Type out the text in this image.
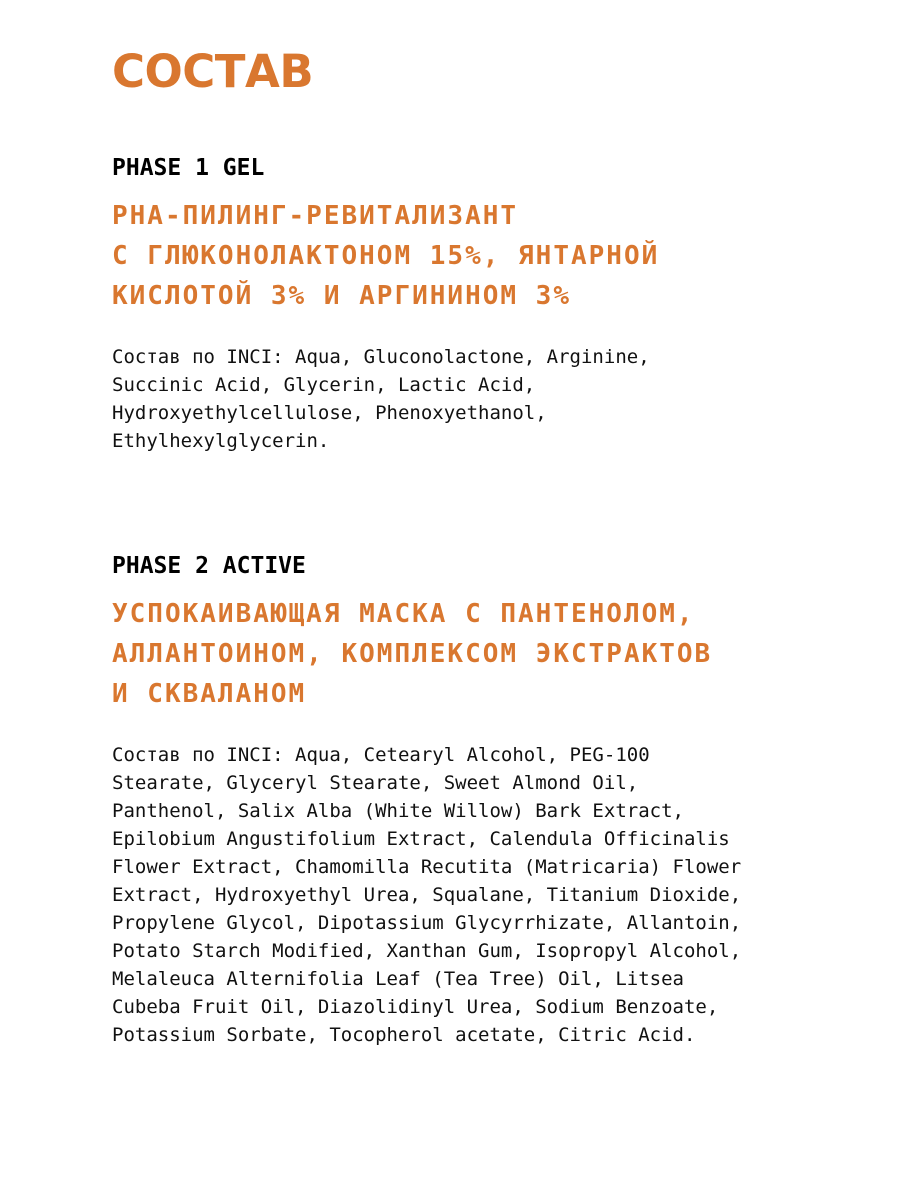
СОСТАВ
PHASE 1 GEL
PHA-ПИЛИНГ-РЕВИТАЛИЗАНТ
С ГЛЮКОНОЛАКТОНОМ 15%, ЯНТАРНОЙ
КИСЛОТОЙ 3% И АРГИНИНОМ 3%

Состав по INCI: Aqua, Gluconolactone, Arginine,
Succinic Acid, Glycerin, Lactic Acid,
Hydroxyethylcellulose, Phenoxyethanol,
Ethylhexylglycerin.

PHASE 2 ACTIVE
УСПОКАИВАЮЩАЯ МАСКА С ПАНТЕНОЛОМ,
АЛЛАНТОИНОМ, КОМПЛЕКСОМ ЭКСТРАКТОВ
И СКВАЛАНОМ

Состав по INCI: Aqua, Cetearyl Alcohol, PEG-100
Stearate, Glyceryl Stearate, Sweet Almond Oil,
Panthenol, Salix Alba (White Willow) Bark Extract,
Epilobium Angustifolium Extract, Calendula Officinalis
Flower Extract, Chamomilla Recutita (Matricaria) Flower
Extract, Hydroxyethyl Urea, Squalane, Titanium Dioxide,
Propylene Glycol, Dipotassium Glycyrrhizate, Allantoin,
Potato Starch Modified, Xanthan Gum, Isopropyl Alcohol,
Melaleuca Alternifolia Leaf (Tea Tree) Oil, Litsea
Cubeba Fruit Oil, Diazolidinyl Urea, Sodium Benzoate,
Potassium Sorbate, Tocopherol acetate, Citric Acid.
